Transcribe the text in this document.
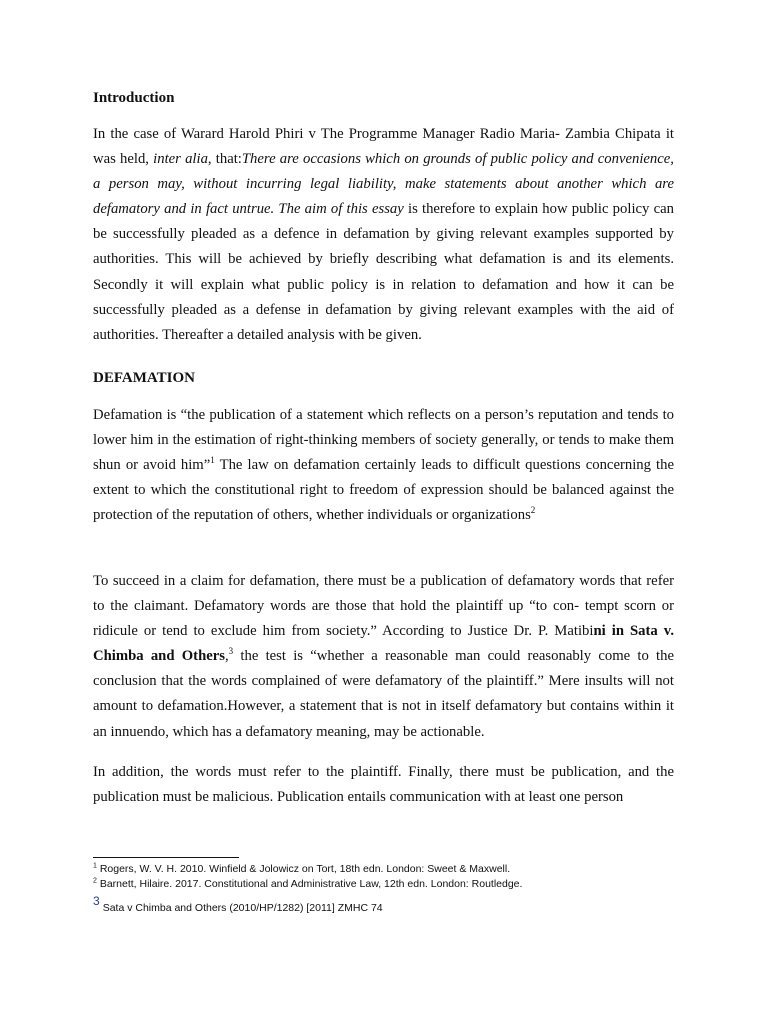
Introduction

In the case of Warard Harold Phiri v The Programme Manager Radio Maria- Zambia Chipata it was held, inter alia, that:There are occasions which on grounds of public policy and convenience, a person may, without incurring legal liability, make statements about another which are defamatory and in fact untrue. The aim of this essay is therefore to explain how public policy can be successfully pleaded as a defence in defamation by giving relevant examples supported by authorities. This will be achieved by briefly describing what defamation is and its elements. Secondly it will explain what public policy is in relation to defamation and how it can be successfully pleaded as a defense in defamation by giving relevant examples with the aid of authorities. Thereafter a detailed analysis with be given.

DEFAMATION

Defamation is “the publication of a statement which reflects on a person’s reputation and tends to lower him in the estimation of right-thinking members of society generally, or tends to make them shun or avoid him”$^1$ The law on defamation certainly leads to difficult questions concerning the extent to which the constitutional right to freedom of expression should be balanced against the protection of the reputation of others, whether individuals or organizations$^2$

To succeed in a claim for defamation, there must be a publication of defamatory words that refer to the claimant. Defamatory words are those that hold the plaintiff up “to con- tempt scorn or ridicule or tend to exclude him from society.” According to Justice Dr. P. Matibini in Sata v. Chimba and Others,$^3$ the test is “whether a reasonable man could reasonably come to the conclusion that the words complained of were defamatory of the plaintiff.” Mere insults will not amount to defamation.However, a statement that is not in itself defamatory but contains within it an innuendo, which has a defamatory meaning, may be actionable.

In addition, the words must refer to the plaintiff. Finally, there must be publication, and the publication must be malicious. Publication entails communication with at least one person

$^1$ Rogers, W. V. H. 2010. Winfield & Jolowicz on Tort, 18th edn. London: Sweet & Maxwell.

$^2$ Barnett, Hilaire. 2017. Constitutional and Administrative Law, 12th edn. London: Routledge.

3 Sata v Chimba and Others (2010/HP/1282) [2011] ZMHC 74
